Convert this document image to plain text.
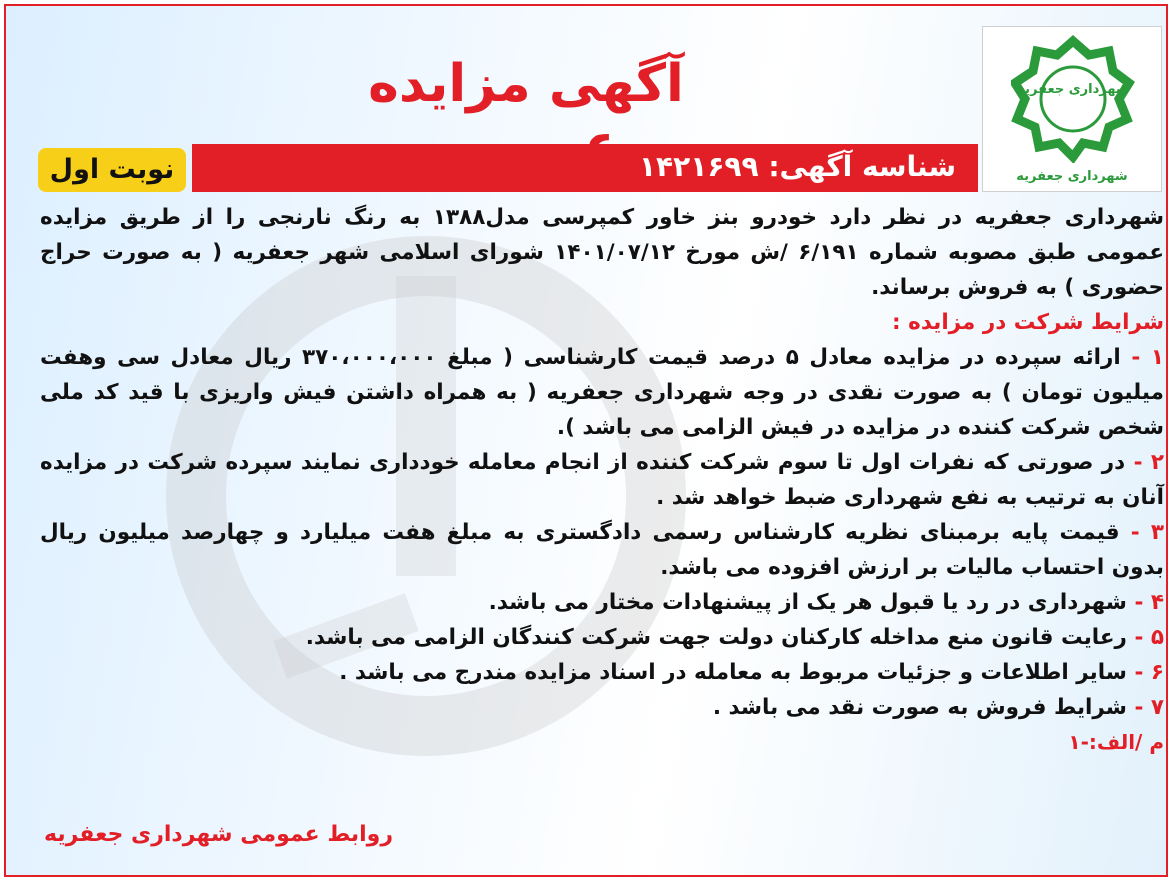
شهرداری جعفریه
شهرداری جعفریه
آگهی مزایده
شناسه آگهی: ۱۴۲۱۶۹۹
نوبت اول

شهرداری جعفریه در نظر دارد خودرو بنز خاور کمپرسی مدل۱۳۸۸ به رنگ نارنجی را از طریق مزایده عمومی طبق مصوبه شماره ۶/۱۹۱ /ش مورخ ۱۴۰۱/۰۷/۱۲ شورای اسلامی شهر جعفریه ( به صورت حراج حضوری ) به فروش برساند.

شرایط شرکت در مزایده :

۱ - ارائه سپرده در مزایده معادل ۵ درصد قیمت کارشناسی ( مبلغ ۳۷۰،۰۰۰،۰۰۰ ریال معادل سی وهفت میلیون تومان ) به صورت نقدی در وجه شهرداری جعفریه ( به همراه داشتن فیش واریزی با قید کد ملی شخص شرکت کننده در مزایده در فیش الزامی می باشد ).

۲ - در صورتی که نفرات اول تا سوم شرکت کننده از انجام معامله خودداری نمایند سپرده شرکت در مزایده آنان به ترتیب به نفع شهرداری ضبط خواهد شد .

۳ - قیمت پایه برمبنای نظریه کارشناس رسمی دادگستری به مبلغ هفت میلیارد و چهارصد میلیون ریال بدون احتساب مالیات بر ارزش افزوده می باشد.

۴ - شهرداری در رد یا قبول هر یک از پیشنهادات مختار می باشد.

۵ - رعایت قانون منع مداخله کارکنان دولت جهت شرکت کنندگان الزامی می باشد.

۶ - سایر اطلاعات و جزئیات مربوط به معامله در اسناد مزایده مندرج می باشد .

۷ - شرایط فروش به صورت نقد می باشد .

م /الف:-۱

روابط عمومی شهرداری جعفریه
